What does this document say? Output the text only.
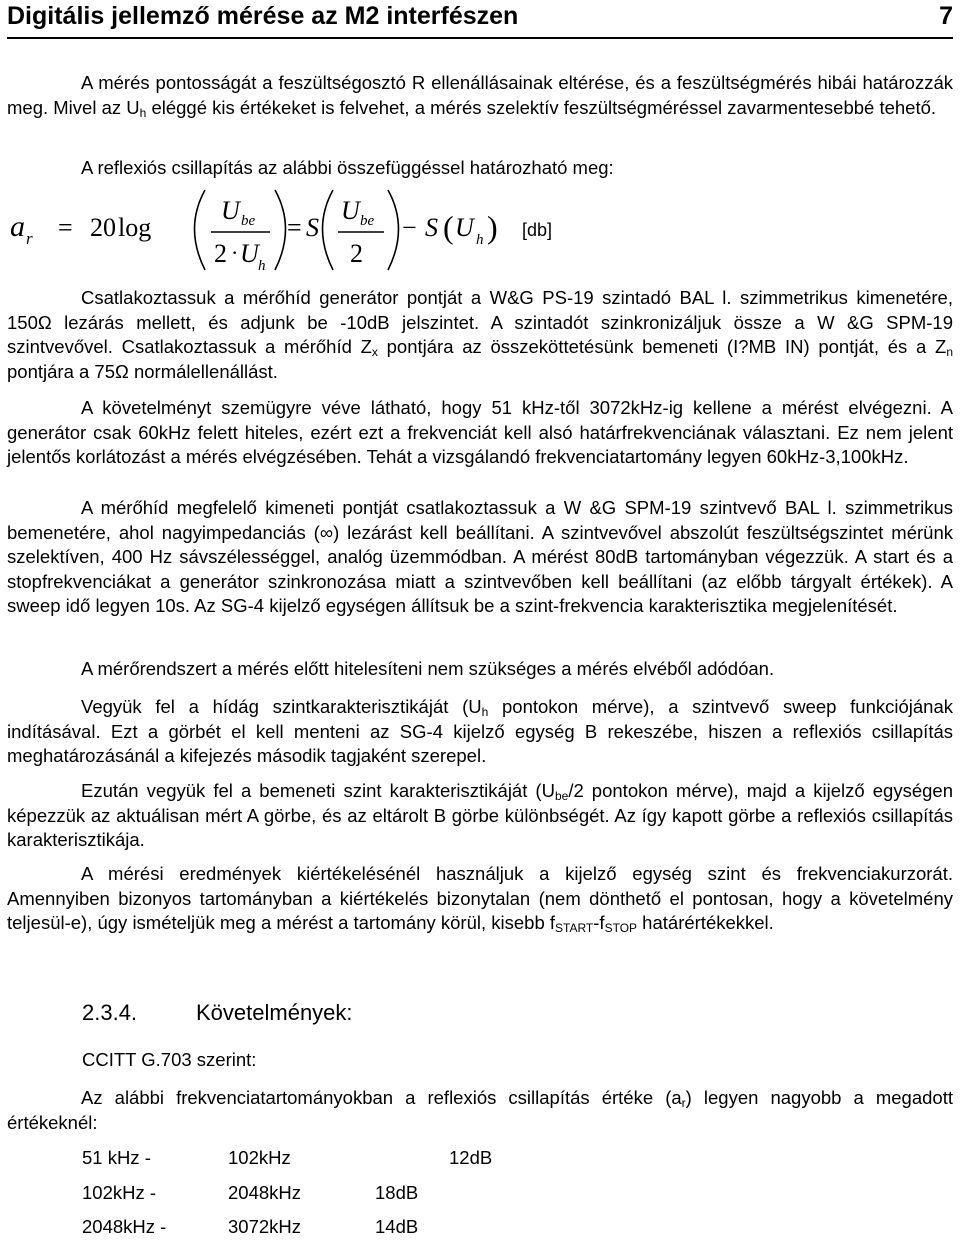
Digitális jellemző mérése az M2 interfészen	7

A mérés pontosságát a feszültségosztó R ellenállásainak eltérése, és a feszültségmérés hibái határozzák meg. Mivel az $U_h$ eléggé kis értékeket is felvehet, a mérés szelektív feszültségméréssel zavarmentesebbé tehető.

A reflexiós csillapítás az alábbi összefüggéssel határozható meg:

a r = 20 log
U be
2 · U h
= S
U be
2
− S ( U h ) [db]

Csatlakoztassuk a mérőhíd generátor pontját a W&G PS-19 szintadó BAL l. szimmetrikus kimenetére, 150Ω lezárás mellett, és adjunk be -10dB jelszintet. A szintadót szinkronizáljuk össze a W &G SPM-19 szintvevővel. Csatlakoztassuk a mérőhíd $Z_x$ pontjára az összeköttetésünk bemeneti (I?MB IN) pontját, és a $Z_n$ pontjára a 75Ω normálellenállást.

A követelményt szemügyre véve látható, hogy 51 kHz-től 3072kHz-ig kellene a mérést elvégezni. A generátor csak 60kHz felett hiteles, ezért ezt a frekvenciát kell alsó határfrekvenciának választani. Ez nem jelent jelentős korlátozást a mérés elvégzésében. Tehát a vizsgálandó frekvenciatartomány legyen 60kHz-3,100kHz.

A mérőhíd megfelelő kimeneti pontját csatlakoztassuk a W &G SPM-19 szintvevő BAL l. szimmetrikus bemenetére, ahol nagyimpedanciás (∞) lezárást kell beállítani. A szintvevővel abszolút feszültségszintet mérünk szelektíven, 400 Hz sávszélességgel, analóg üzemmódban. A mérést 80dB tartományban végezzük. A start és a stopfrekvenciákat a generátor szinkronozása miatt a szintvevőben kell beállítani (az előbb tárgyalt értékek). A sweep idő legyen 10s. Az SG-4 kijelző egységen állítsuk be a szint-frekvencia karakterisztika megjelenítését.

A mérőrendszert a mérés előtt hitelesíteni nem szükséges a mérés elvéből adódóan.

Vegyük fel a hídág szintkarakterisztikáját ($U_h$ pontokon mérve), a szintvevő sweep funkciójának indításával. Ezt a görbét el kell menteni az SG-4 kijelző egység B rekeszébe, hiszen a reflexiós csillapítás meghatározásánál a kifejezés második tagjaként szerepel.

Ezután vegyük fel a bemeneti szint karakterisztikáját ($U_{be}/2$ pontokon mérve), majd a kijelző egységen képezzük az aktuálisan mért A görbe, és az eltárolt B görbe különbségét. Az így kapott görbe a reflexiós csillapítás karakterisztikája.

A mérési eredmények kiértékelésénél használjuk a kijelző egység szint és frekvenciakurzorát. Amennyiben bizonyos tartományban a kiértékelés bizonytalan (nem dönthető el pontosan, hogy a követelmény teljesül-e), úgy ismételjük meg a mérést a tartomány körül, kisebb $f_{START}-f_{STOP}$ határértékekkel.

2.3.4.	Követelmények:
CCITT G.703 szerint:

Az alábbi frekvenciatartományokban a reflexiós csillapítás értéke $(a_r)$ legyen nagyobb a megadott értékeknél:

51 kHz -	102kHz	12dB
102kHz -	2048kHz	18dB
2048kHz -	3072kHz	14dB
